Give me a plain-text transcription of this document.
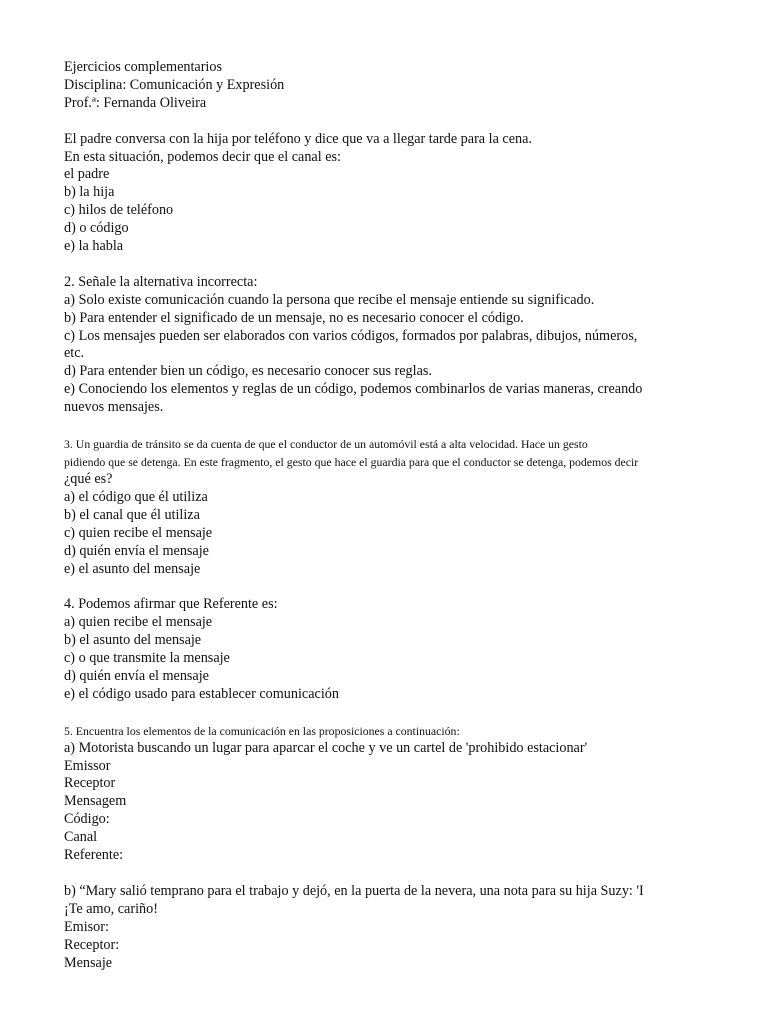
Ejercicios complementarios
Disciplina: Comunicación y Expresión
Prof.ª: Fernanda Oliveira
El padre conversa con la hija por teléfono y dice que va a llegar tarde para la cena.
En esta situación, podemos decir que el canal es:
el padre
b) la hija
c) hilos de teléfono
d) o código
e) la habla
2. Señale la alternativa incorrecta:
a) Solo existe comunicación cuando la persona que recibe el mensaje entiende su significado.
b) Para entender el significado de un mensaje, no es necesario conocer el código.
c) Los mensajes pueden ser elaborados con varios códigos, formados por palabras, dibujos, números,
etc.
d) Para entender bien un código, es necesario conocer sus reglas.
e) Conociendo los elementos y reglas de un código, podemos combinarlos de varias maneras, creando
nuevos mensajes.
3. Un guardia de tránsito se da cuenta de que el conductor de un automóvil está a alta velocidad. Hace un gesto
pidiendo que se detenga. En este fragmento, el gesto que hace el guardia para que el conductor se detenga, podemos decir
¿qué es?
a) el código que él utiliza
b) el canal que él utiliza
c) quien recibe el mensaje
d) quién envía el mensaje
e) el asunto del mensaje
4. Podemos afirmar que Referente es:
a) quien recibe el mensaje
b) el asunto del mensaje
c) o que transmite la mensaje
d) quién envía el mensaje
e) el código usado para establecer comunicación
5. Encuentra los elementos de la comunicación en las proposiciones a continuación:
a) Motorista buscando un lugar para aparcar el coche y ve un cartel de 'prohibido estacionar'
Emissor
Receptor
Mensagem
Código:
Canal
Referente:
b) “Mary salió temprano para el trabajo y dejó, en la puerta de la nevera, una nota para su hija Suzy: 'I
¡Te amo, cariño!
Emisor:
Receptor:
Mensaje
